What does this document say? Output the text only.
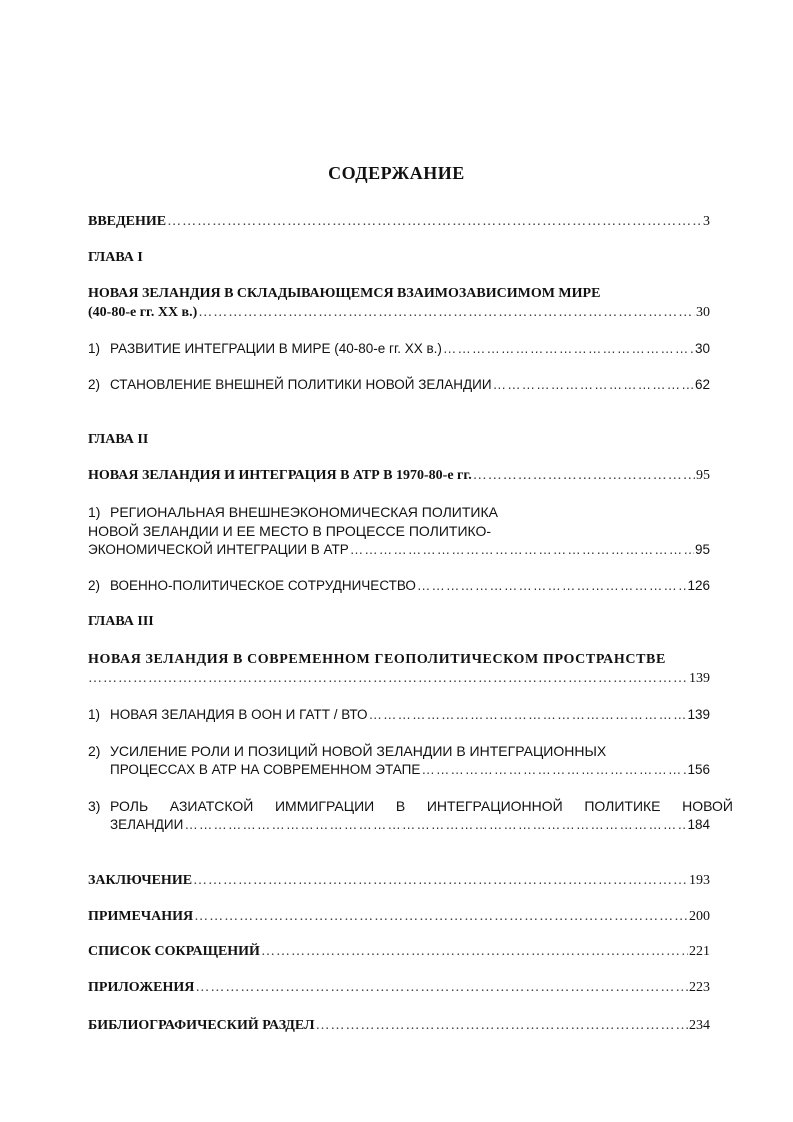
СОДЕРЖАНИЕ
ВВЕДЕНИЕ ………………………………………………………………………………………………………………………………………………………………………………	3
ГЛАВА I
НОВАЯ ЗЕЛАНДИЯ В СКЛАДЫВАЮЩЕМСЯ ВЗАИМОЗАВИСИМОМ МИРЕ
(40-80-е гг. XX в.) ………………………………………………………………………………………………………………………………………………………………………………	30
1) РАЗВИТИЕ ИНТЕГРАЦИИ В МИРЕ (40-80-е гг. XX в.) ………………………………………………………………………………………………………………………………………………………………………………	30
2) СТАНОВЛЕНИЕ ВНЕШНЕЙ ПОЛИТИКИ НОВОЙ ЗЕЛАНДИИ ………………………………………………………………………………………………………………………………………………………………………………	62
ГЛАВА II
НОВАЯ ЗЕЛАНДИЯ И ИНТЕГРАЦИЯ В АТР В 1970-80-е гг. ………………………………………………………………………………………………………………………………………………………………………………	95
1) РЕГИОНАЛЬНАЯ ВНЕШНЕЭКОНОМИЧЕСКАЯ ПОЛИТИКА
НОВОЙ ЗЕЛАНДИИ И ЕЕ МЕСТО В ПРОЦЕССЕ ПОЛИТИКО-
ЭКОНОМИЧЕСКОЙ ИНТЕГРАЦИИ В АТР ………………………………………………………………………………………………………………………………………………………………………………	95
2) ВОЕННО-ПОЛИТИЧЕСКОЕ СОТРУДНИЧЕСТВО ………………………………………………………………………………………………………………………………………………………………………………	126
ГЛАВА III
НОВАЯ ЗЕЛАНДИЯ В СОВРЕМЕННОМ ГЕОПОЛИТИЧЕСКОМ ПРОСТРАНСТВЕ
………………………………………………………………………………………………………………………………………………………………………………
139
1) НОВАЯ ЗЕЛАНДИЯ В ООН И ГАТТ / ВТО ………………………………………………………………………………………………………………………………………………………………………………	139
2) УСИЛЕНИЕ РОЛИ И ПОЗИЦИЙ НОВОЙ ЗЕЛАНДИИ В ИНТЕГРАЦИОННЫХ
ПРОЦЕССАХ В АТР НА СОВРЕМЕННОМ ЭТАПЕ ………………………………………………………………………………………………………………………………………………………………………………	156
3) РОЛЬ АЗИАТСКОЙ ИММИГРАЦИИ В ИНТЕГРАЦИОННОЙ ПОЛИТИКЕ НОВОЙ
ЗЕЛАНДИИ ………………………………………………………………………………………………………………………………………………………………………………	184
ЗАКЛЮЧЕНИЕ ………………………………………………………………………………………………………………………………………………………………………………	193
ПРИМЕЧАНИЯ ………………………………………………………………………………………………………………………………………………………………………………	200
СПИСОК СОКРАЩЕНИЙ ………………………………………………………………………………………………………………………………………………………………………………	221
ПРИЛОЖЕНИЯ ………………………………………………………………………………………………………………………………………………………………………………	223
БИБЛИОГРАФИЧЕСКИЙ РАЗДЕЛ ………………………………………………………………………………………………………………………………………………………………………………	234
